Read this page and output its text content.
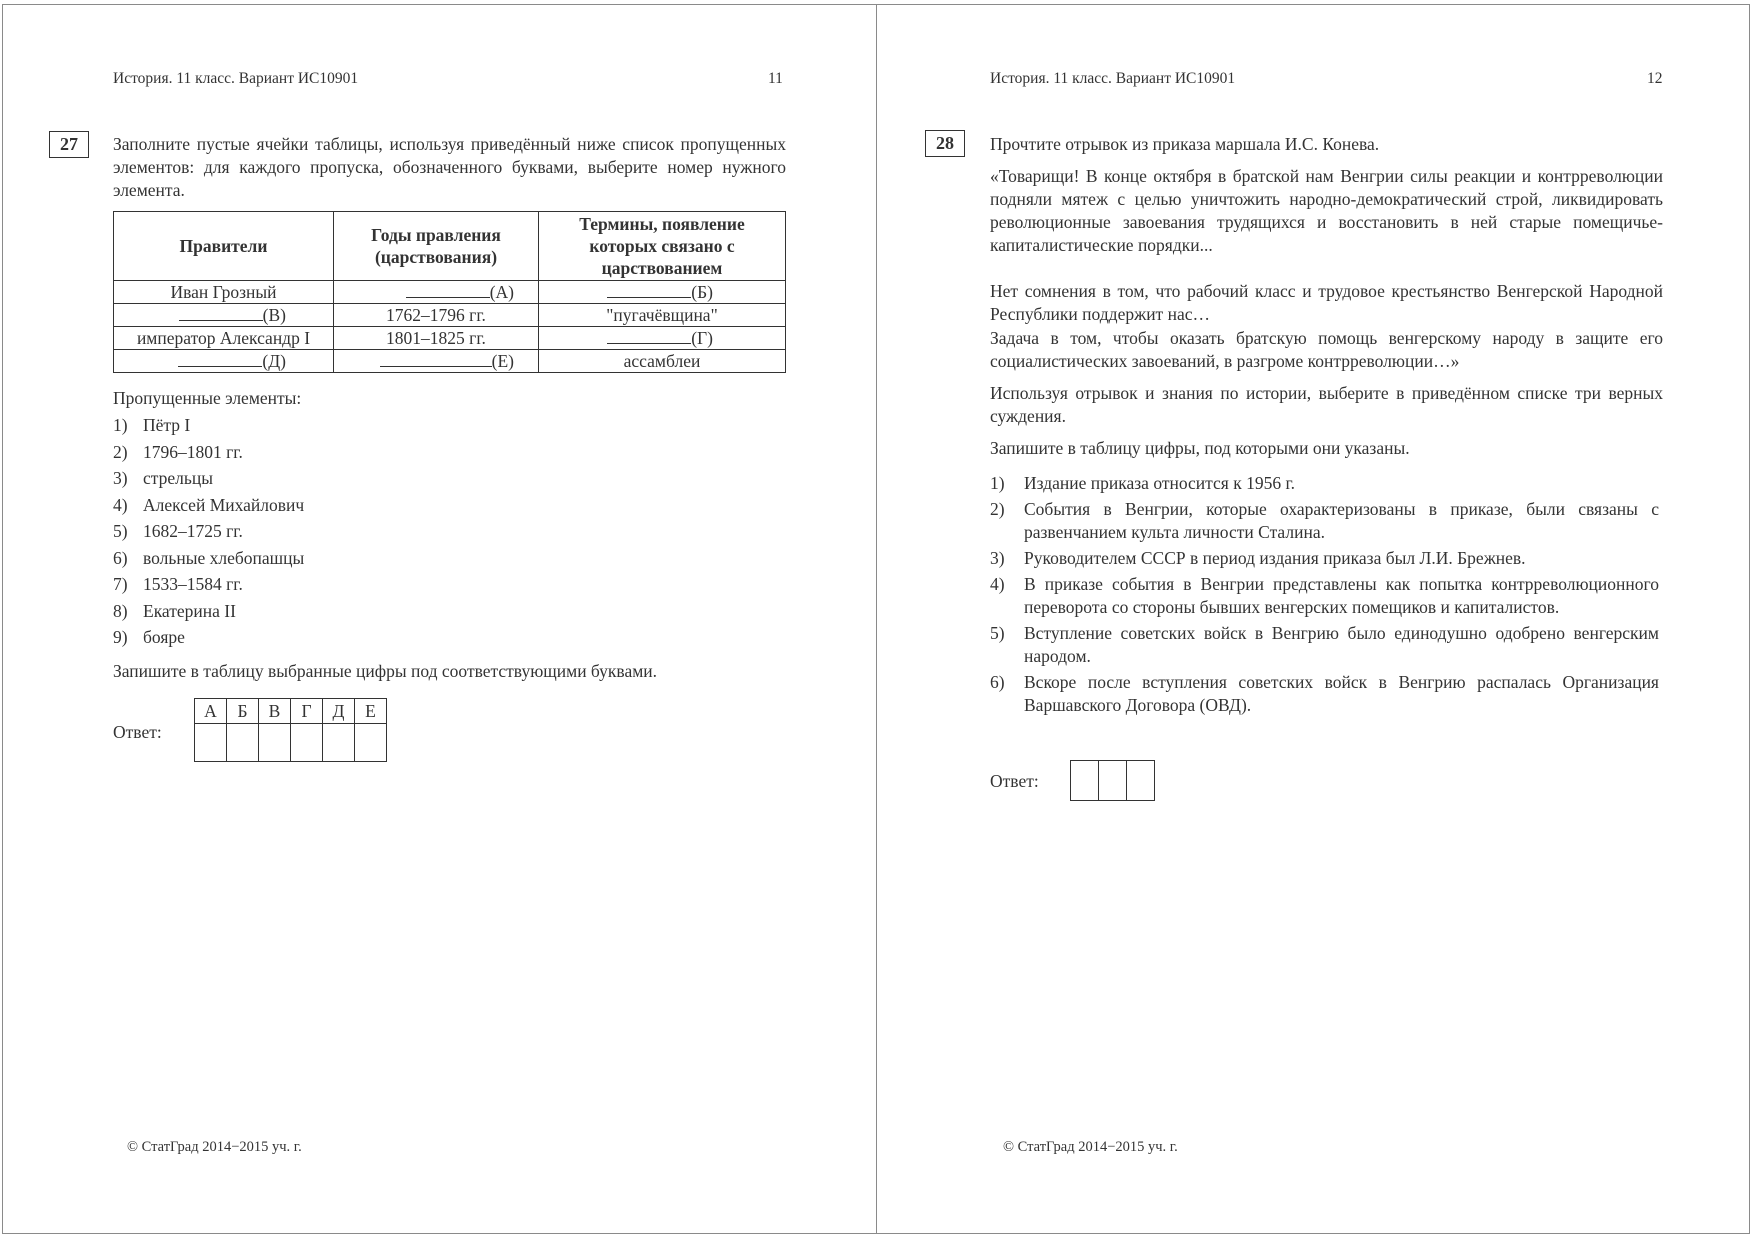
История. 11 класс. Вариант ИС10901	11
27	Заполните пустые ячейки таблицы, используя приведённый ниже список пропущенных элементов: для каждого пропуска, обозначенного буквами, выберите номер нужного элемента.
Правители	Годы правления (царствования)	Термины, появление которых связано с царствованием
Иван Грозный	(А)	(Б)
(В)	1762–1796 гг.	"пугачёвщина"
император Александр I	1801–1825 гг.	(Г)
(Д)	(Е)	ассамблеи
Пропущенные элементы:
1) Пётр I
2) 1796–1801 гг.
3) стрельцы
4) Алексей Михайлович
5) 1682–1725 гг.
6) вольные хлебопашцы
7) 1533–1584 гг.
8) Екатерина II
9) бояре
Запишите в таблицу выбранные цифры под соответствующими буквами.
Ответ:
А	Б	В	Г	Д	Е

© СтатГрад 2014−2015 уч. г.
История. 11 класс. Вариант ИС10901	12
28	Прочтите отрывок из приказа маршала И.С. Конева.
«Товарищи! В конце октября в братской нам Венгрии силы реакции и контрреволюции подняли мятеж с целью уничтожить народно-демократический строй, ликвидировать революционные завоевания трудящихся и восстановить в ней старые помещичье-капиталистические порядки...
Нет сомнения в том, что рабочий класс и трудовое крестьянство Венгерской Народной Республики поддержит нас…
Задача в том, чтобы оказать братскую помощь венгерскому народу в защите его социалистических завоеваний, в разгроме контрреволюции…»
Используя отрывок и знания по истории, выберите в приведённом списке три верных суждения.
Запишите в таблицу цифры, под которыми они указаны.
1) Издание приказа относится к 1956 г.
2) События в Венгрии, которые охарактеризованы в приказе, были связаны с развенчанием культа личности Сталина.
3) Руководителем СССР в период издания приказа был Л.И. Брежнев.
4) В приказе события в Венгрии представлены как попытка контрреволюционного переворота со стороны бывших венгерских помещиков и капиталистов.
5) Вступление советских войск в Венгрию было единодушно одобрено венгерским народом.
6) Вскоре после вступления советских войск в Венгрию распалась Организация Варшавского Договора (ОВД).
Ответ:

© СтатГрад 2014−2015 уч. г.
